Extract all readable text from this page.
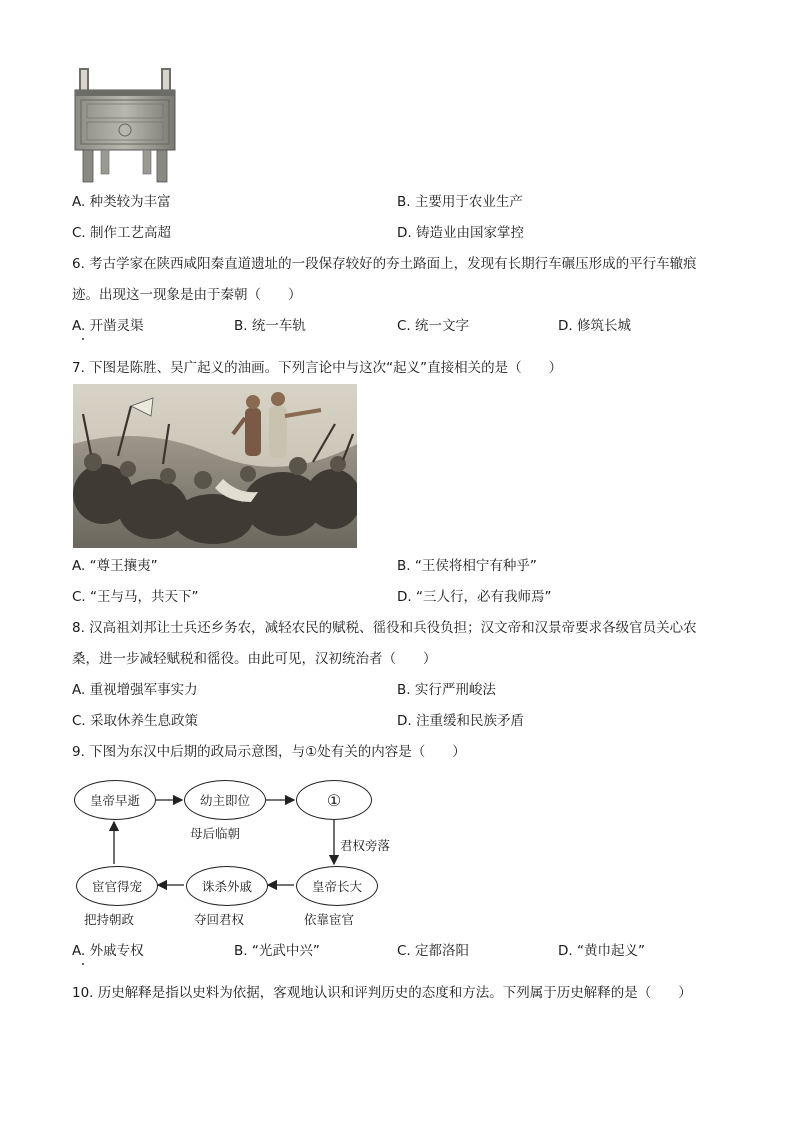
A. 种类较为丰富	B. 主要用于农业生产
C. 制作工艺高超	D. 铸造业由国家掌控
6. 考古学家在陕西咸阳秦直道遗址的一段保存较好的夯土路面上，发现有长期行车碾压形成的平行车辙痕
迹。出现这一现象是由于秦朝（　　）
A. 开凿灵渠	B. 统一车轨	C. 统一文字	D. 修筑长城
7. 下图是陈胜、吴广起义的油画。下列言论中与这次“起义”直接相关的是（　　）
A. “尊王攘夷”	B. “王侯将相宁有种乎”
C. “王与马，共天下”	D. “三人行，必有我师焉”
8. 汉高祖刘邦让士兵还乡务农，减轻农民的赋税、徭役和兵役负担；汉文帝和汉景帝要求各级官员关心农
桑，进一步减轻赋税和徭役。由此可见，汉初统治者（　　）
A. 重视增强军事实力	B. 实行严刑峻法
C. 采取休养生息政策	D. 注重缓和民族矛盾
9. 下图为东汉中后期的政局示意图，与①处有关的内容是（　　）
皇帝早逝	幼主即位	①
皇帝长大
诛杀外戚
宦官得宠
母后临朝
君权旁落
依靠宦官
夺回君权
把持朝政
A. 外戚专权	B. “光武中兴”	C. 定都洛阳	D. “黄巾起义”
10. 历史解释是指以史料为依据，客观地认识和评判历史的态度和方法。下列属于历史解释的是（　　）
